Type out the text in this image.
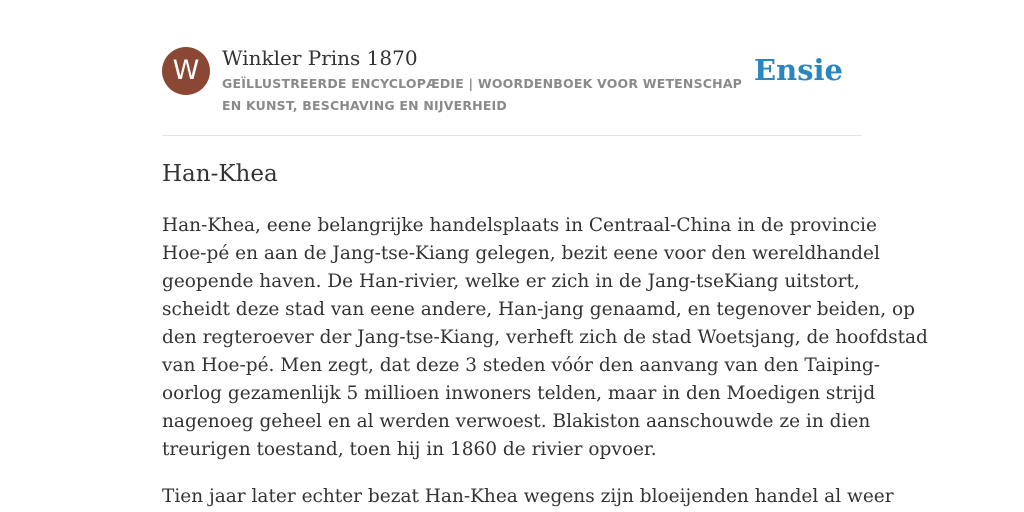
W	Winkler Prins 1870
GEÏLLUSTREERDE ENCYCLOPÆDIE | WOORDENBOEK VOOR WETENSCHAP EN KUNST, BESCHAVING EN NIJVERHEID
Ensie
Han-Khea
Han-Khea, eene belangrijke handelsplaats in Centraal-China in de provincie
Hoe-pé en aan de Jang-tse-Kiang gelegen, bezit eene voor den wereldhandel
geopende haven. De Han-rivier, welke er zich in de Jang-tseKiang uitstort,
scheidt deze stad van eene andere, Han-jang genaamd, en tegenover beiden, op
den regteroever der Jang-tse-Kiang, verheft zich de stad Woetsjang, de hoofdstad
van Hoe-pé. Men zegt, dat deze 3 steden vóór den aanvang van den Taiping-
oorlog gezamenlijk 5 millioen inwoners telden, maar in den Moedigen strijd
nagenoeg geheel en al werden verwoest. Blakiston aanschouwde ze in dien
treurigen toestand, toen hij in 1860 de rivier opvoer.
Tien jaar later echter bezat Han-Khea wegens zijn bloeijenden handel al weer
